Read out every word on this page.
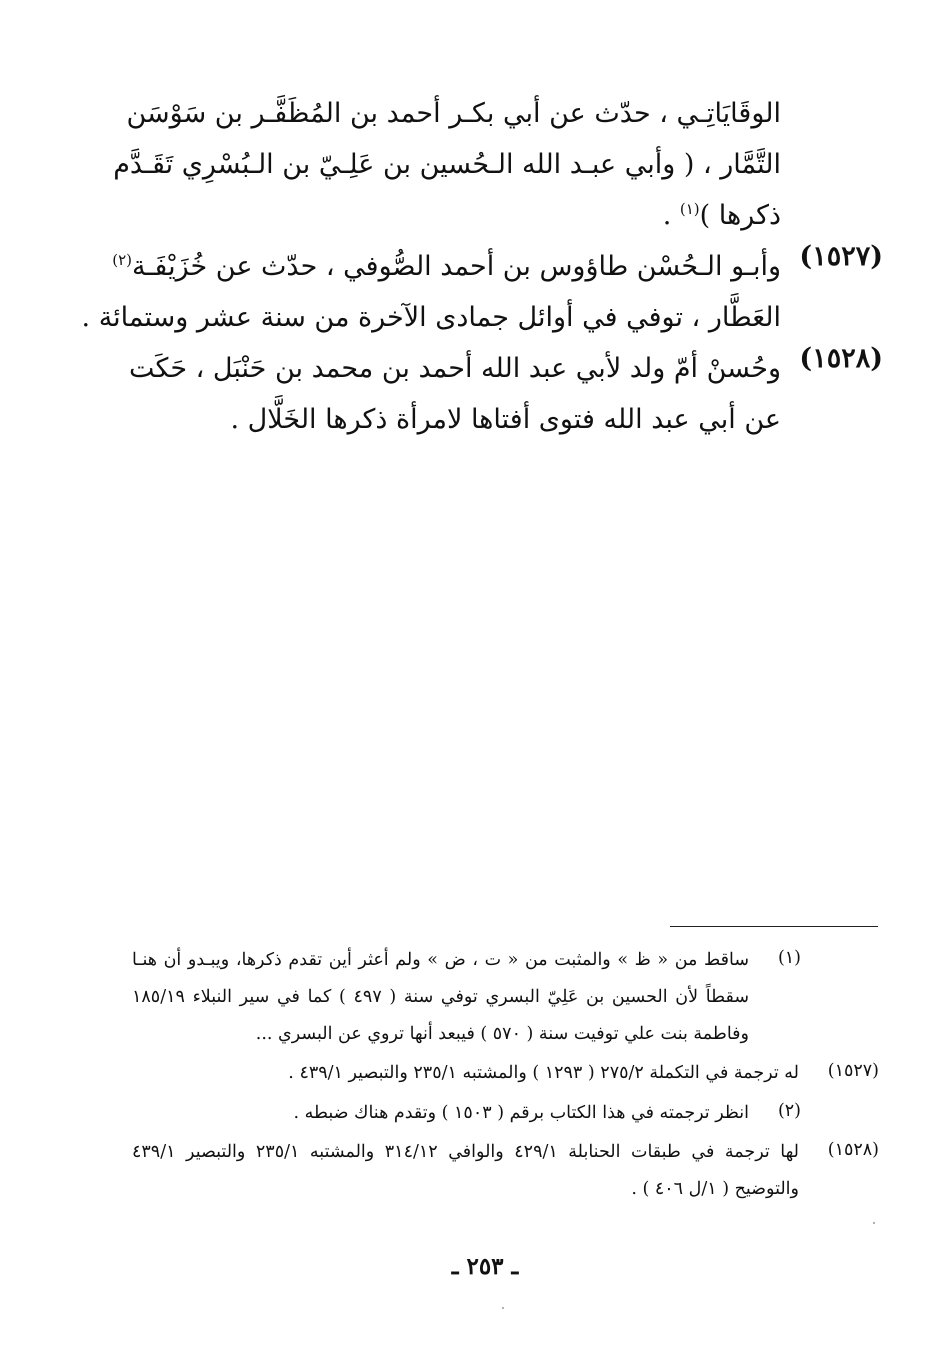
الوقَايَاتِـي ، حدّث عن أبي بكـر أحمد بن المُظَفَّـر بن سَوْسَن
التَّمَّار ، ( وأبي عبـد الله الـحُسين بن عَلِـيّ بن الـبُسْرِي تَقَـدَّم
ذكرها )$^{(١)}$ .
وأبـو الـحُسْن طاؤوس بن أحمد الصُّوفي ، حدّث عن خُزَيْفَـة$^{(٢)}$
العَطَّار ، توفي في أوائل جمادى الآخرة من سنة عشر وستمائة .
وحُسنْ أمّ ولد لأبي عبد الله أحمد بن محمد بن حَنْبَل ، حَكَت
عن أبي عبد الله فتوى أفتاها لامرأة ذكرها الخَلَّال .
(١٥٢٧)
(١٥٢٨)
(١)
ساقط من « ظ » والمثبت من « ت ، ض » ولم أعثر أين تقدم ذكرها، ويبـدو أن هنـا
سقطاً لأن الحسين بن عَلِيّ البسري توفي سنة ( ٤٩٧ ) كما في سير النبلاء ١٨٥/١٩
وفاطمة بنت علي توفيت سنة ( ٥٧٠ ) فيبعد أنها تروي عن البسري ...
(١٥٢٧)
له ترجمة في التكملة ٢٧٥/٢ ( ١٢٩٣ ) والمشتبه ٢٣٥/١ والتبصير ٤٣٩/١ .
(٢)
انظر ترجمته في هذا الكتاب برقم ( ١٥٠٣ ) وتقدم هناك ضبطه .
(١٥٢٨)
لها ترجمة في طبقات الحنابلة ٤٢٩/١ والوافي ٣١٤/١٢ والمشتبه ٢٣٥/١ والتبصير ٤٣٩/١
والتوضيح ( ١/ل ٤٠٦ ) .
ـ ٢٥٣ ـ
